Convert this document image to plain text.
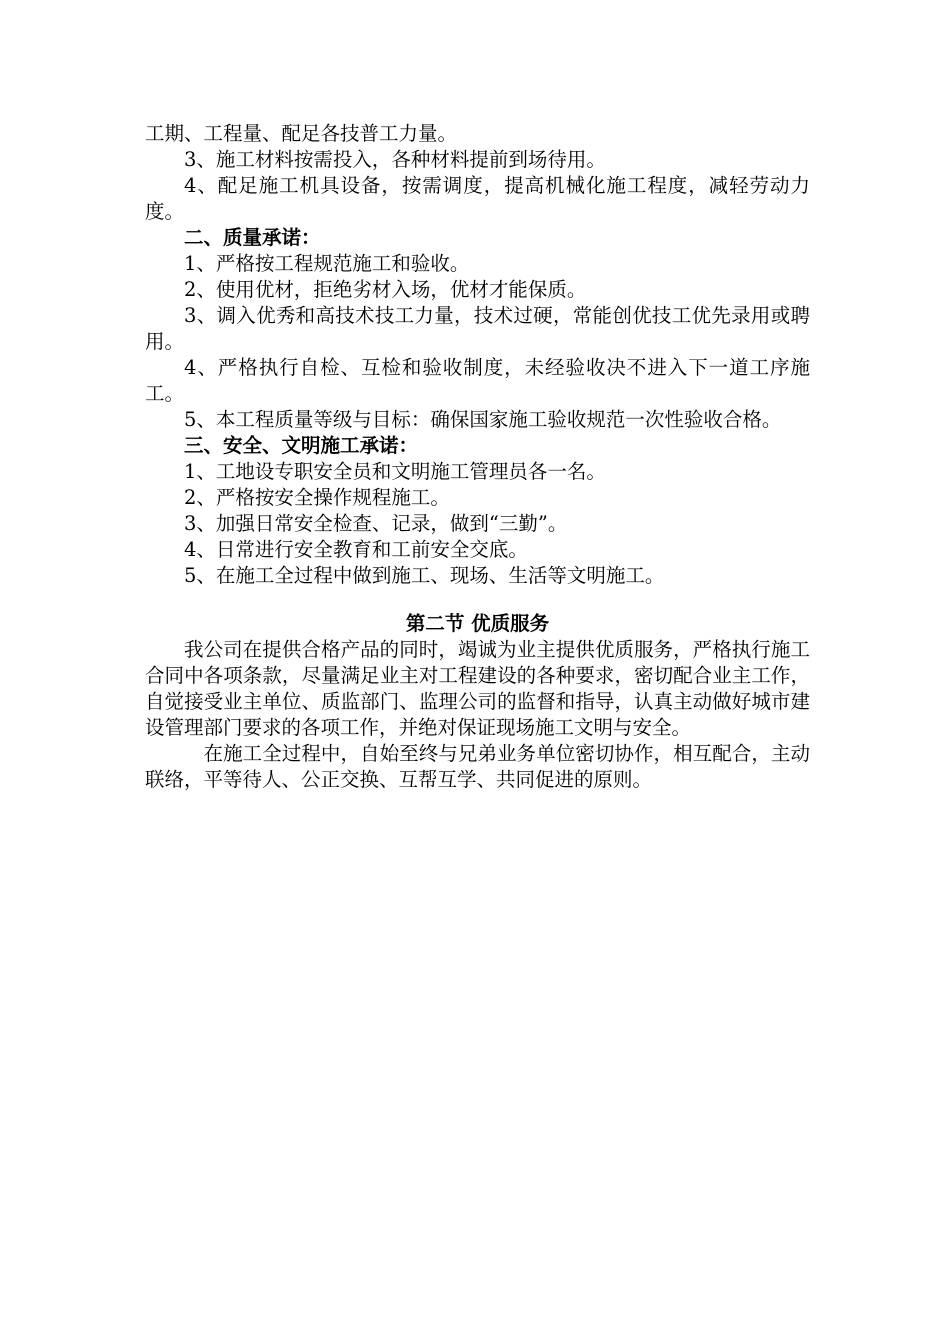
工期、工程量、配足各技普工力量。

3、施工材料按需投入，各种材料提前到场待用。

4、配足施工机具设备，按需调度，提高机械化施工程度，减轻劳动力度。

二、质量承诺：

1、严格按工程规范施工和验收。

2、使用优材，拒绝劣材入场，优材才能保质。

3、调入优秀和高技术技工力量，技术过硬，常能创优技工优先录用或聘用。

4、严格执行自检、互检和验收制度，未经验收决不进入下一道工序施工。

5、本工程质量等级与目标：确保国家施工验收规范一次性验收合格。

三、安全、文明施工承诺：

1、工地设专职安全员和文明施工管理员各一名。

2、严格按安全操作规程施工。

3、加强日常安全检查、记录，做到“三勤”。

4、日常进行安全教育和工前安全交底。

5、在施工全过程中做到施工、现场、生活等文明施工。

第二节 优质服务

我公司在提供合格产品的同时，竭诚为业主提供优质服务，严格执行施工合同中各项条款，尽量满足业主对工程建设的各种要求，密切配合业主工作，自觉接受业主单位、质监部门、监理公司的监督和指导，认真主动做好城市建设管理部门要求的各项工作，并绝对保证现场施工文明与安全。

在施工全过程中，自始至终与兄弟业务单位密切协作，相互配合，主动联络，平等待人、公正交换、互帮互学、共同促进的原则。
